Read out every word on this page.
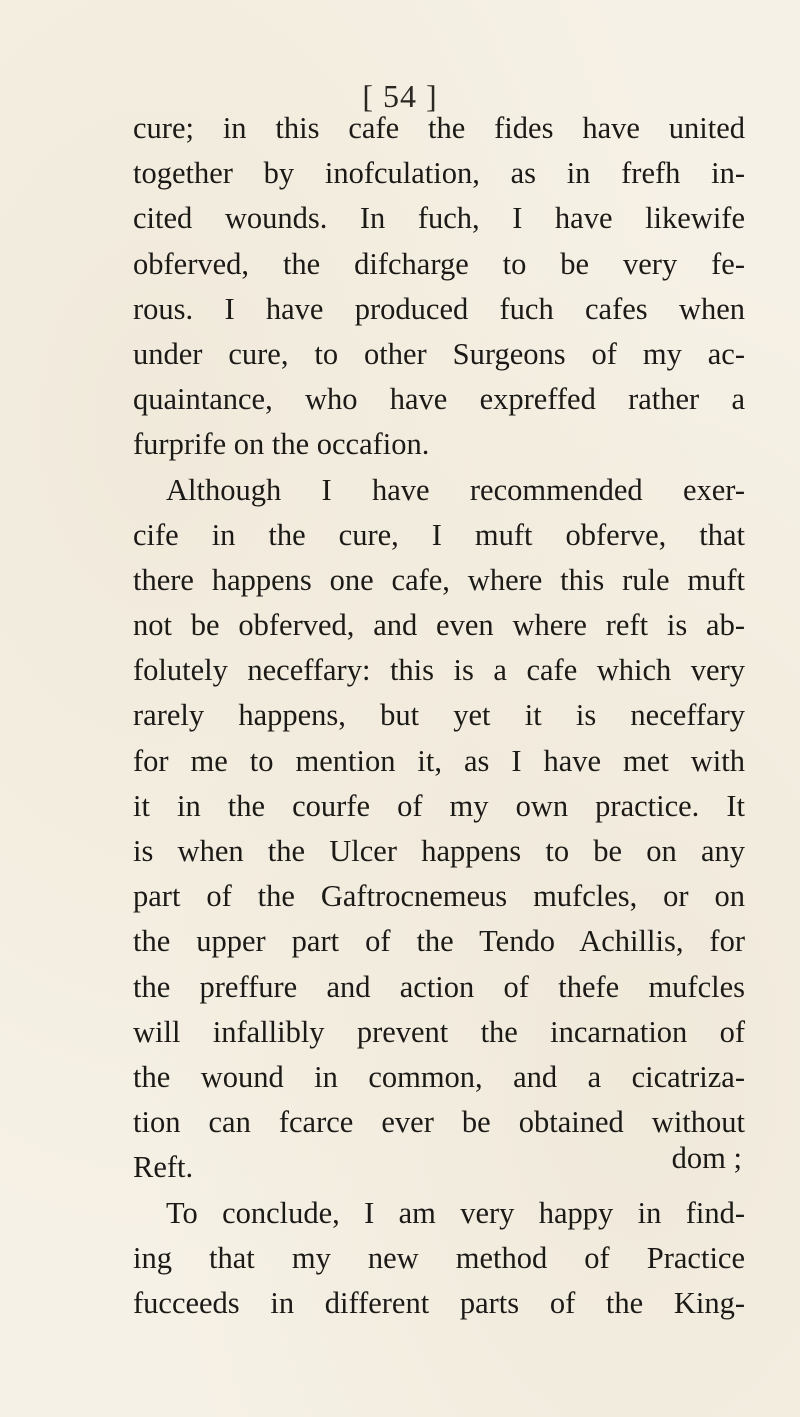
[ 54 ]
cure; in this cafe the fides have united
together by inofculation, as in frefh in-
cited wounds. In fuch, I have likewife
obferved, the difcharge to be very fe-
rous. I have produced fuch cafes when
under cure, to other Surgeons of my ac-
quaintance, who have expreffed rather a
furprife on the occafion.
Although I have recommended exer-
cife in the cure, I muft obferve, that
there happens one cafe, where this rule muft
not be obferved, and even where reft is ab-
folutely neceffary: this is a cafe which very
rarely happens, but yet it is neceffary
for me to mention it, as I have met with
it in the courfe of my own practice. It
is when the Ulcer happens to be on any
part of the Gaftrocnemeus mufcles, or on
the upper part of the Tendo Achillis, for
the preffure and action of thefe mufcles
will infallibly prevent the incarnation of
the wound in common, and a cicatriza-
tion can fcarce ever be obtained without
Reft.
To conclude, I am very happy in find-
ing that my new method of Practice
fucceeds in different parts of the King-
dom ;
